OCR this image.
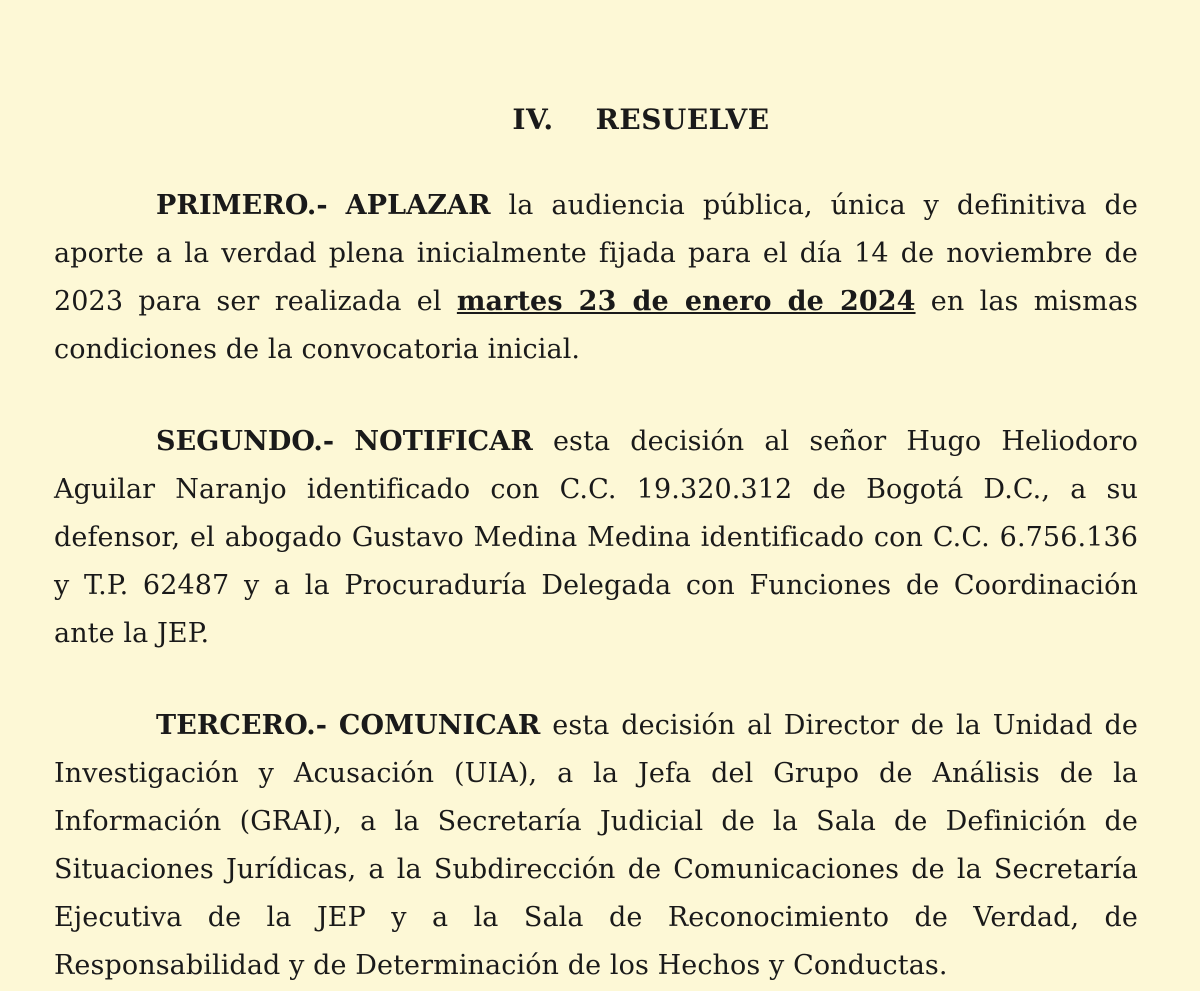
IV. RESUELVE

PRIMERO.- APLAZAR la audiencia pública, única y definitiva de aporte a la verdad plena inicialmente fijada para el día 14 de noviembre de 2023 para ser realizada el martes 23 de enero de 2024 en las mismas condiciones de la convocatoria inicial.

SEGUNDO.- NOTIFICAR esta decisión al señor Hugo Heliodoro Aguilar Naranjo identificado con C.C. 19.320.312 de Bogotá D.C., a su defensor, el abogado Gustavo Medina Medina identificado con C.C. 6.756.136 y T.P. 62487 y a la Procuraduría Delegada con Funciones de Coordinación ante la JEP.

TERCERO.- COMUNICAR esta decisión al Director de la Unidad de Investigación y Acusación (UIA), a la Jefa del Grupo de Análisis de la Información (GRAI), a la Secretaría Judicial de la Sala de Definición de Situaciones Jurídicas, a la Subdirección de Comunicaciones de la Secretaría Ejecutiva de la JEP y a la Sala de Reconocimiento de Verdad, de Responsabilidad y de Determinación de los Hechos y Conductas.
